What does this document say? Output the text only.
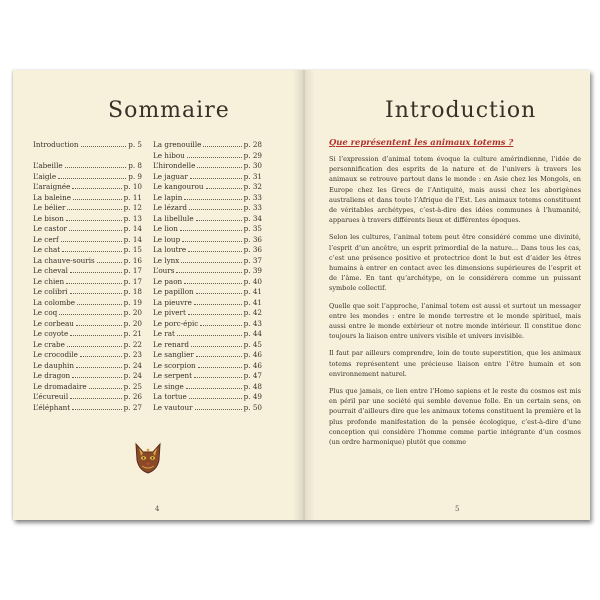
Sommaire
Introduction	p. 5
L’abeille	p. 8
L’aigle	p. 9
L’araignée	p. 10
La baleine	p. 11
Le bélier	p. 12
Le bison	p. 13
Le castor	p. 14
Le cerf	p. 14
Le chat	p. 15
La chauve-souris	p. 16
Le cheval	p. 17
Le chien	p. 17
Le colibri	p. 18
La colombe	p. 19
Le coq	p. 20
Le corbeau	p. 20
Le coyote	p. 21
Le crabe	p. 22
Le crocodile	p. 23
Le dauphin	p. 24
Le dragon	p. 24
Le dromadaire	p. 25
L’écureuil	p. 26
L’éléphant	p. 27
La grenouille	p. 28
Le hibou	p. 29
L’hirondelle	p. 30
Le jaguar	p. 31
Le kangourou	p. 32
Le lapin	p. 33
Le lézard	p. 33
La libellule	p. 34
Le lion	p. 35
Le loup	p. 36
La loutre	p. 36
Le lynx	p. 37
L’ours	p. 39
Le paon	p. 40
Le papillon	p. 41
La pieuvre	p. 41
Le pivert	p. 42
Le porc-épic	p. 43
Le rat	p. 44
Le renard	p. 45
Le sanglier	p. 46
Le scorpion	p. 46
Le serpent	p. 47
Le singe	p. 48
La tortue	p. 49
Le vautour	p. 50
4
Introduction
Que représentent les animaux totems ?

Si l’expression d’animal totem évoque la culture amérindienne, l’idée de personnification des esprits de la nature et de l’univers à travers les animaux se retrouve partout dans le monde : en Asie chez les Mongols, en Europe chez les Grecs de l’Antiquité, mais aussi chez les aborigènes australiens et dans toute l’Afrique de l’Est. Les animaux totems constituent de véritables archétypes, c’est-à-dire des idées communes à l’humanité, apparues à travers différents lieux et différentes époques.

Selon les cultures, l’animal totem peut être considéré comme une divinité, l’esprit d’un ancêtre, un esprit primordial de la nature… Dans tous les cas, c’est une présence positive et protectrice dont le but est d’aider les êtres humains à entrer en contact avec les dimensions supérieures de l’esprit et de l’âme. En tant qu’archétype, on le considérera comme un puissant symbole collectif.

Quelle que soit l’approche, l’animal totem est aussi et surtout un messager entre les mondes : entre le monde terrestre et le monde spirituel, mais aussi entre le monde extérieur et notre monde intérieur. Il constitue donc toujours la liaison entre univers visible et univers invisible.

Il faut par ailleurs comprendre, loin de toute superstition, que les animaux totems représentent une précieuse liaison entre l’être humain et son environnement naturel.

Plus que jamais, ce lien entre l’Homo sapiens et le reste du cosmos est mis en péril par une société qui semble devenue folle. En un certain sens, on pourrait d’ailleurs dire que les animaux totems constituent la première et la plus profonde manifestation de la pensée écologique, c’est-à-dire d’une conception qui considère l’homme comme partie intégrante d’un cosmos (un ordre harmonique) plutôt que comme

5
